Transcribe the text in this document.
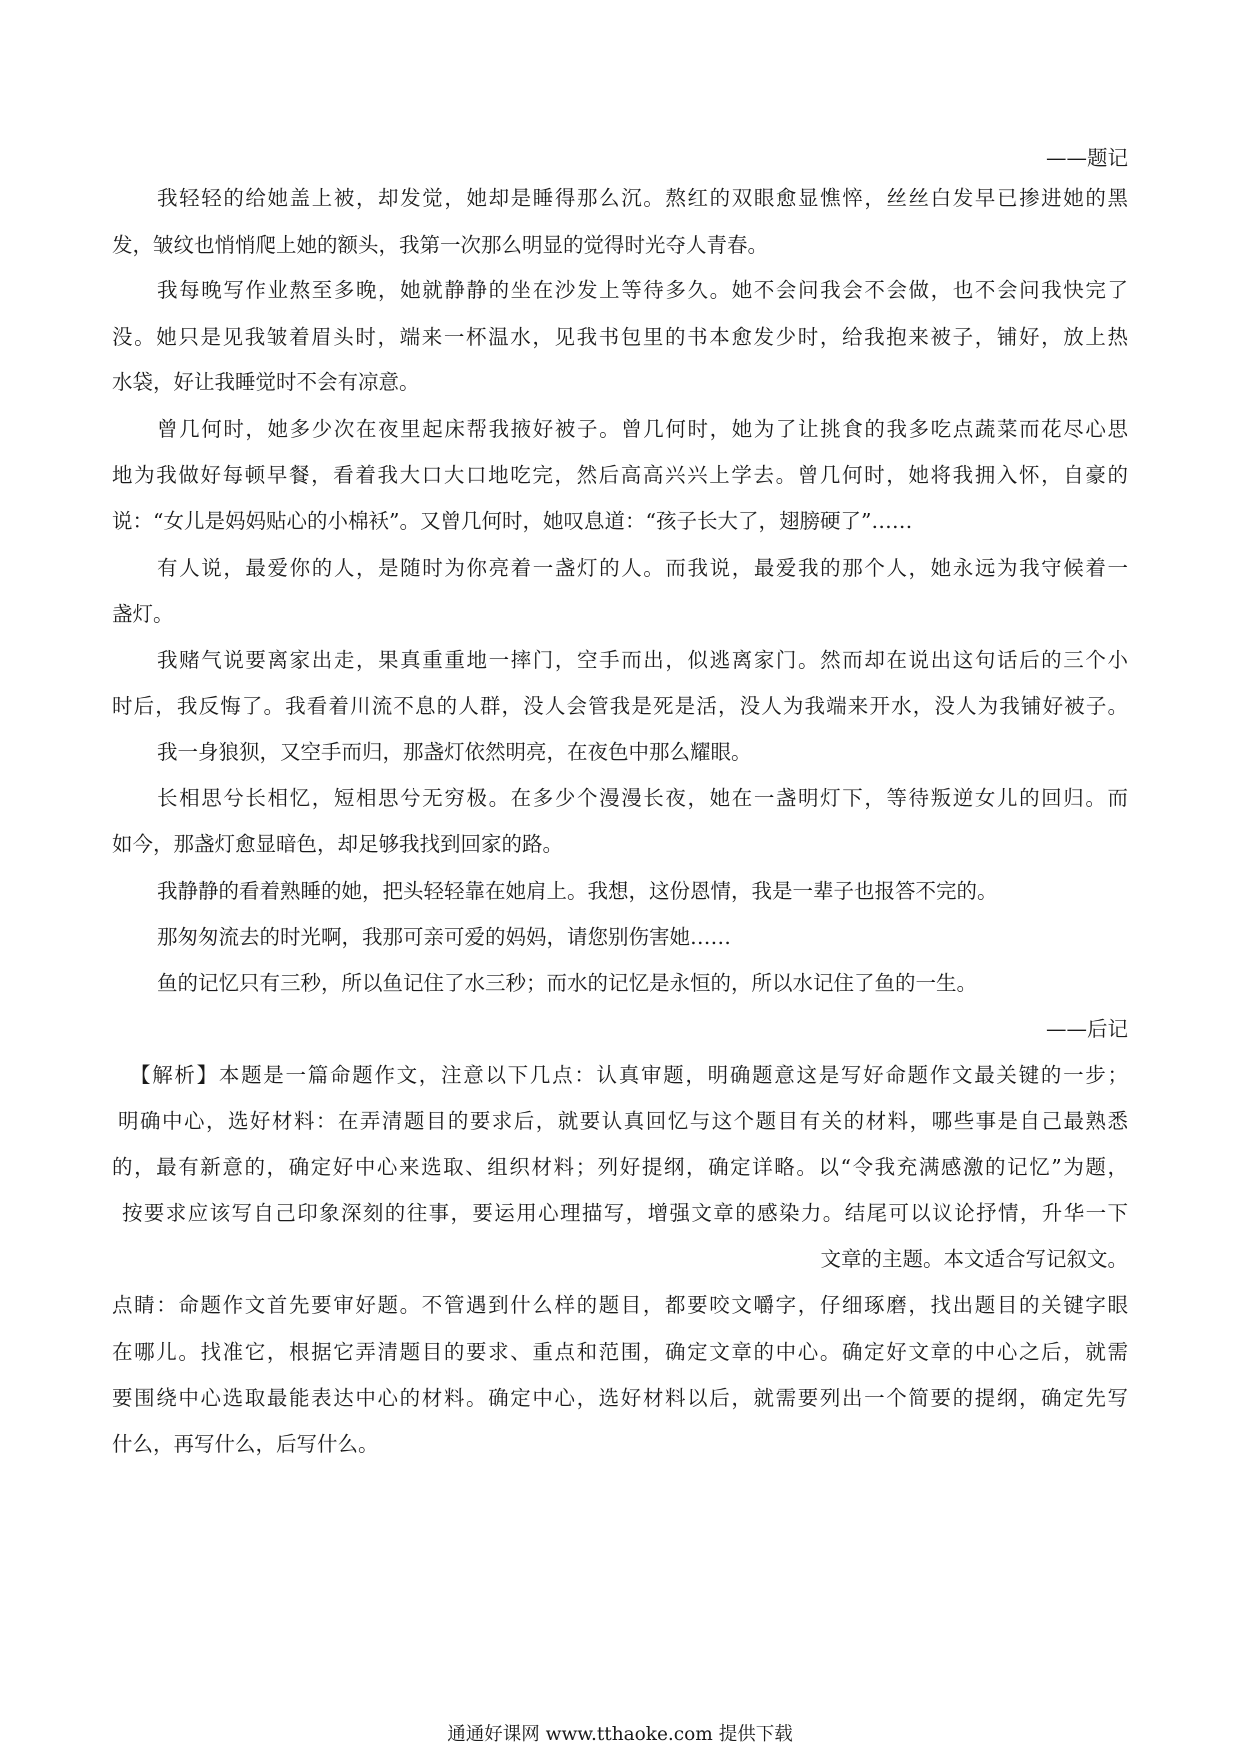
——题记
我轻轻的给她盖上被，却发觉，她却是睡得那么沉。熬红的双眼愈显憔悴，丝丝白发早已掺进她的黑
发，皱纹也悄悄爬上她的额头，我第一次那么明显的觉得时光夺人青春。
我每晚写作业熬至多晚，她就静静的坐在沙发上等待多久。她不会问我会不会做，也不会问我快完了
没。她只是见我皱着眉头时，端来一杯温水，见我书包里的书本愈发少时，给我抱来被子，铺好，放上热
水袋，好让我睡觉时不会有凉意。
曾几何时，她多少次在夜里起床帮我掖好被子。曾几何时，她为了让挑食的我多吃点蔬菜而花尽心思
地为我做好每顿早餐，看着我大口大口地吃完，然后高高兴兴上学去。曾几何时，她将我拥入怀，自豪的
说：“女儿是妈妈贴心的小棉袄”。又曾几何时，她叹息道：“孩子长大了，翅膀硬了”……
有人说，最爱你的人，是随时为你亮着一盏灯的人。而我说，最爱我的那个人，她永远为我守候着一
盏灯。
我赌气说要离家出走，果真重重地一摔门，空手而出，似逃离家门。然而却在说出这句话后的三个小
时后，我反悔了。我看着川流不息的人群，没人会管我是死是活，没人为我端来开水，没人为我铺好被子。
我一身狼狈，又空手而归，那盏灯依然明亮，在夜色中那么耀眼。
长相思兮长相忆，短相思兮无穷极。在多少个漫漫长夜，她在一盏明灯下，等待叛逆女儿的回归。而
如今，那盏灯愈显暗色，却足够我找到回家的路。
我静静的看着熟睡的她，把头轻轻靠在她肩上。我想，这份恩情，我是一辈子也报答不完的。
那匆匆流去的时光啊，我那可亲可爱的妈妈，请您别伤害她……
鱼的记忆只有三秒，所以鱼记住了水三秒；而水的记忆是永恒的，所以水记住了鱼的一生。
——后记
【解析】本题是一篇命题作文，注意以下几点：认真审题，明确题意这是写好命题作文最关键的一步；
明确中心，选好材料：在弄清题目的要求后，就要认真回忆与这个题目有关的材料，哪些事是自己最熟悉
的，最有新意的，确定好中心来选取、组织材料；列好提纲，确定详略。以“令我充满感激的记忆”为题，
按要求应该写自己印象深刻的往事，要运用心理描写，增强文章的感染力。结尾可以议论抒情，升华一下
文章的主题。本文适合写记叙文。
点睛：命题作文首先要审好题。不管遇到什么样的题目，都要咬文嚼字，仔细琢磨，找出题目的关键字眼
在哪儿。找准它，根据它弄清题目的要求、重点和范围，确定文章的中心。确定好文章的中心之后，就需
要围绕中心选取最能表达中心的材料。确定中心，选好材料以后，就需要列出一个简要的提纲，确定先写
什么，再写什么，后写什么。
通通好课网 www.tthaoke.com 提供下载
